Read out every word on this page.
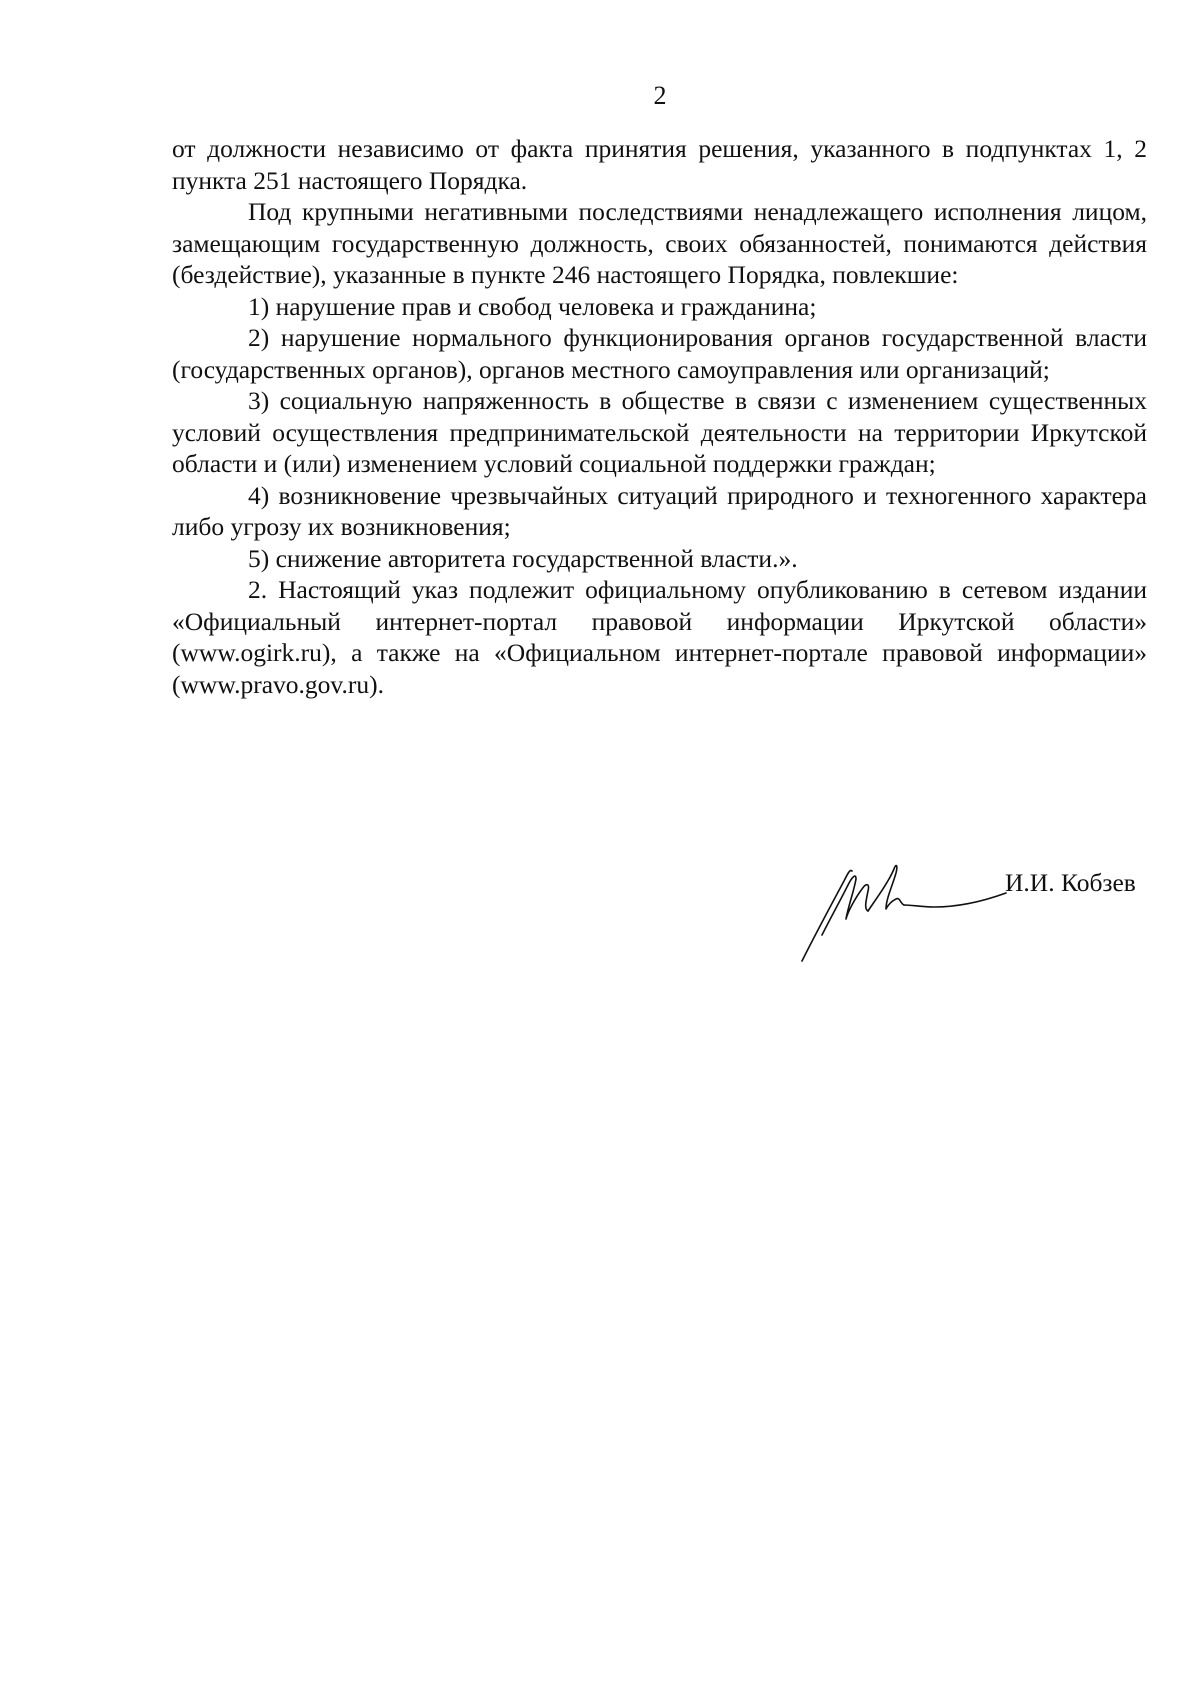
2

от должности независимо от факта принятия решения, указанного в подпунктах 1, 2 пункта 251 настоящего Порядка.

Под крупными негативными последствиями ненадлежащего исполнения лицом, замещающим государственную должность, своих обязанностей, понимаются действия (бездействие), указанные в пункте 246 настоящего Порядка, повлекшие:

1) нарушение прав и свобод человека и гражданина;

2) нарушение нормального функционирования органов государственной власти (государственных органов), органов местного самоуправления или организаций;

3) социальную напряженность в обществе в связи с изменением существенных условий осуществления предпринимательской деятельности на территории Иркутской области и (или) изменением условий социальной поддержки граждан;

4) возникновение чрезвычайных ситуаций природного и техногенного характера либо угрозу их возникновения;

5) снижение авторитета государственной власти.».

2. Настоящий указ подлежит официальному опубликованию в сетевом издании «Официальный интернет-портал правовой информации Иркутской области» (www.ogirk.ru), а также на «Официальном интернет-портале правовой информации» (www.pravo.gov.ru).

И.И. Кобзев
